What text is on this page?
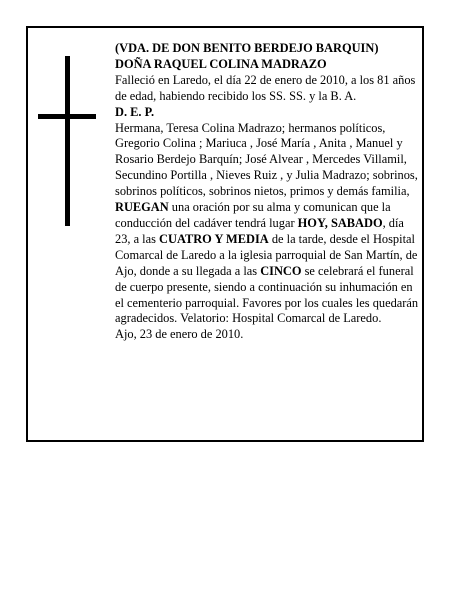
(VDA. DE DON BENITO BERDEJO BARQUIN)

DOÑA RAQUEL COLINA MADRAZO

Falleció en Laredo, el día 22 de enero de 2010, a los 81 años de edad, habiendo recibido los SS. SS. y la B. A.

D. E. P.

Hermana, Teresa Colina Madrazo; hermanos políticos, Gregorio Colina ; Mariuca , José María , Anita , Manuel y Rosario Berdejo Barquín; José Alvear , Mercedes Villamil, Secundino Portilla , Nieves Ruiz , y Julia Madrazo; sobrinos, sobrinos políticos, sobrinos nietos, primos y demás familia,

RUEGAN una oración por su alma y comunican que la conducción del cadáver tendrá lugar HOY, SABADO, día 23, a las CUATRO Y MEDIA de la tarde, desde el Hospital Comarcal de Laredo a la iglesia parroquial de San Martín, de Ajo, donde a su llegada a las CINCO se celebrará el funeral de cuerpo presente, siendo a continuación su inhumación en el cementerio parroquial. Favores por los cuales les quedarán agradecidos. Velatorio: Hospital Comarcal de Laredo.

Ajo, 23 de enero de 2010.
